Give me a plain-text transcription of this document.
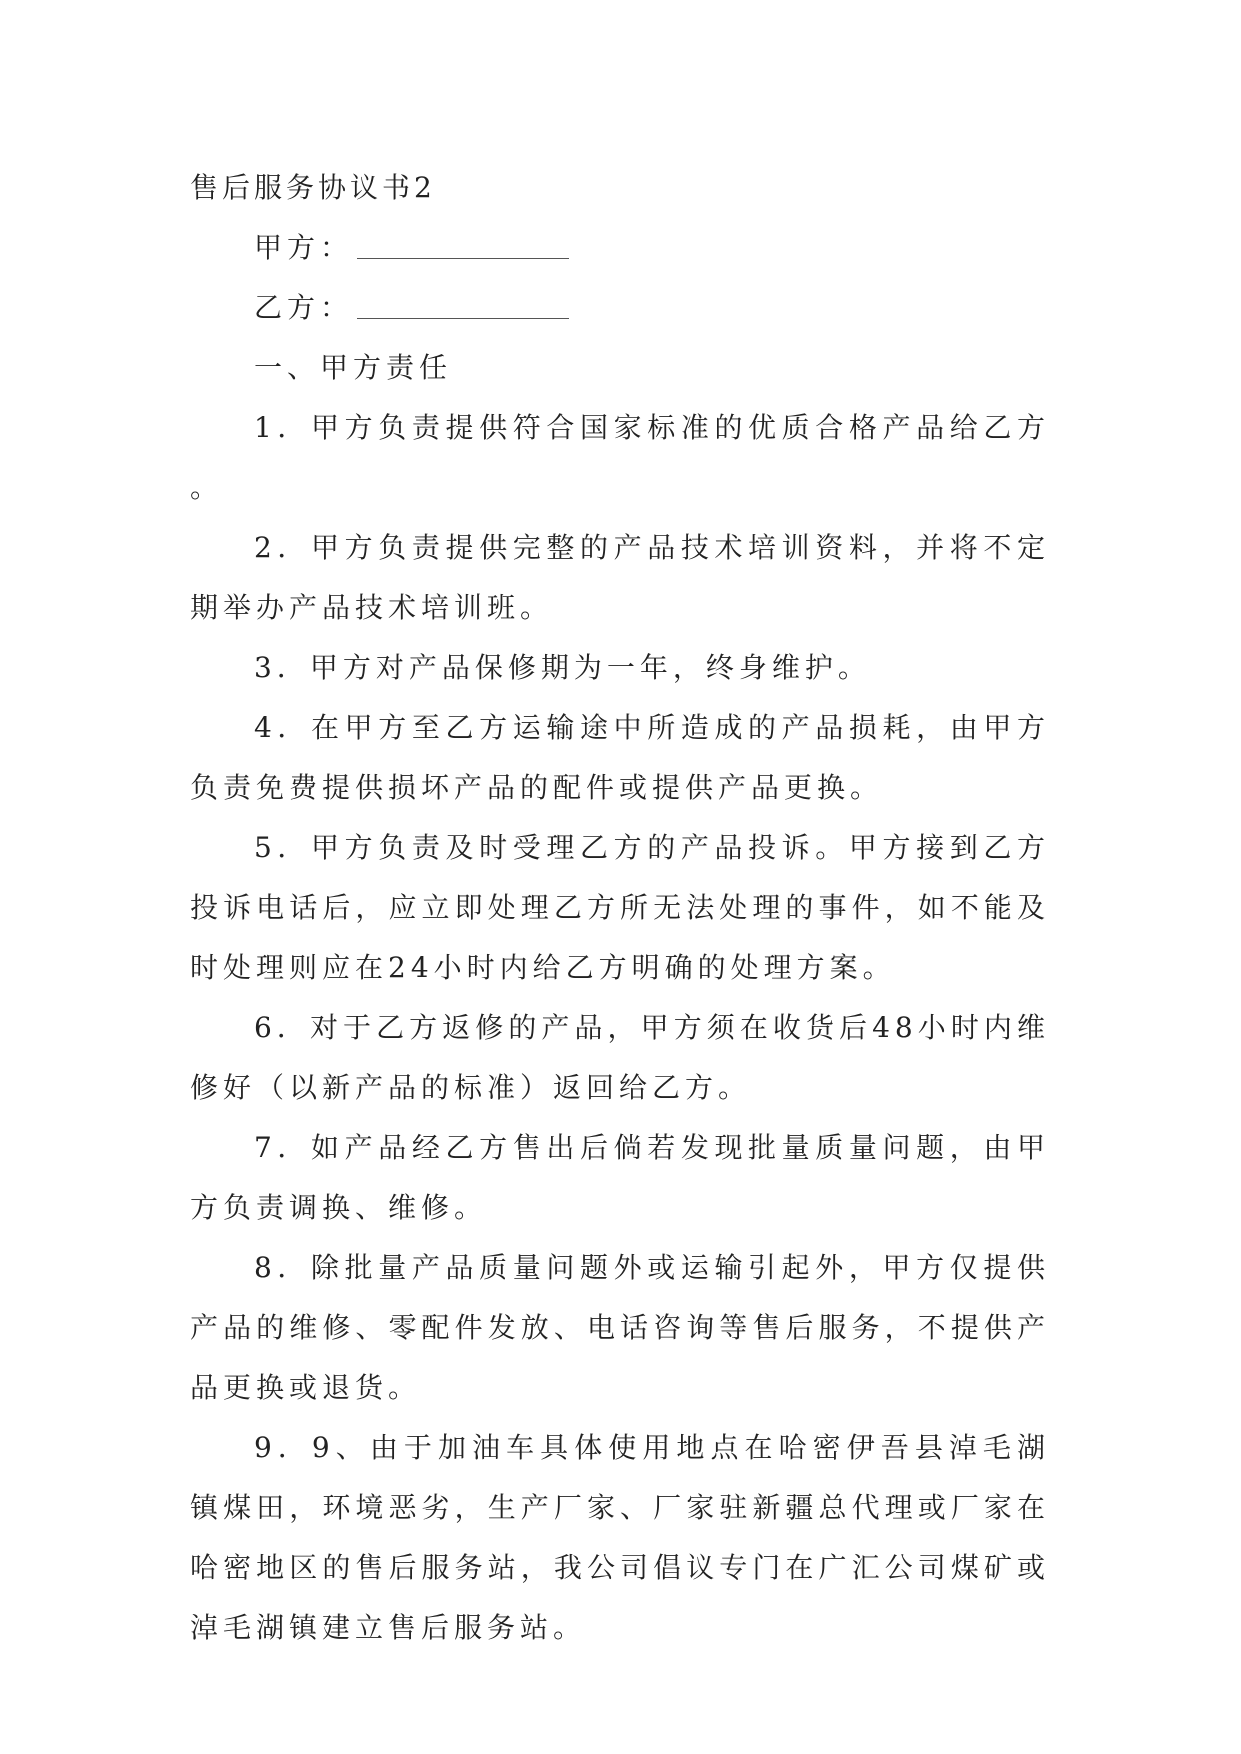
售后服务协议书2

甲方：

乙方：

一、甲方责任

1．甲方负责提供符合国家标准的优质合格产品给乙方。

2．甲方负责提供完整的产品技术培训资料，并将不定期举办产品技术培训班。

3．甲方对产品保修期为一年，终身维护。

4．在甲方至乙方运输途中所造成的产品损耗，由甲方负责免费提供损坏产品的配件或提供产品更换。

5．甲方负责及时受理乙方的产品投诉。甲方接到乙方投诉电话后，应立即处理乙方所无法处理的事件，如不能及时处理则应在24小时内给乙方明确的处理方案。

6．对于乙方返修的产品，甲方须在收货后48小时内维修好（以新产品的标准）返回给乙方。

7．如产品经乙方售出后倘若发现批量质量问题，由甲方负责调换、维修。

8．除批量产品质量问题外或运输引起外，甲方仅提供产品的维修、零配件发放、电话咨询等售后服务，不提供产品更换或退货。

9．9、由于加油车具体使用地点在哈密伊吾县淖毛湖镇煤田，环境恶劣，生产厂家、厂家驻新疆总代理或厂家在哈密地区的售后服务站，我公司倡议专门在广汇公司煤矿或淖毛湖镇建立售后服务站。
